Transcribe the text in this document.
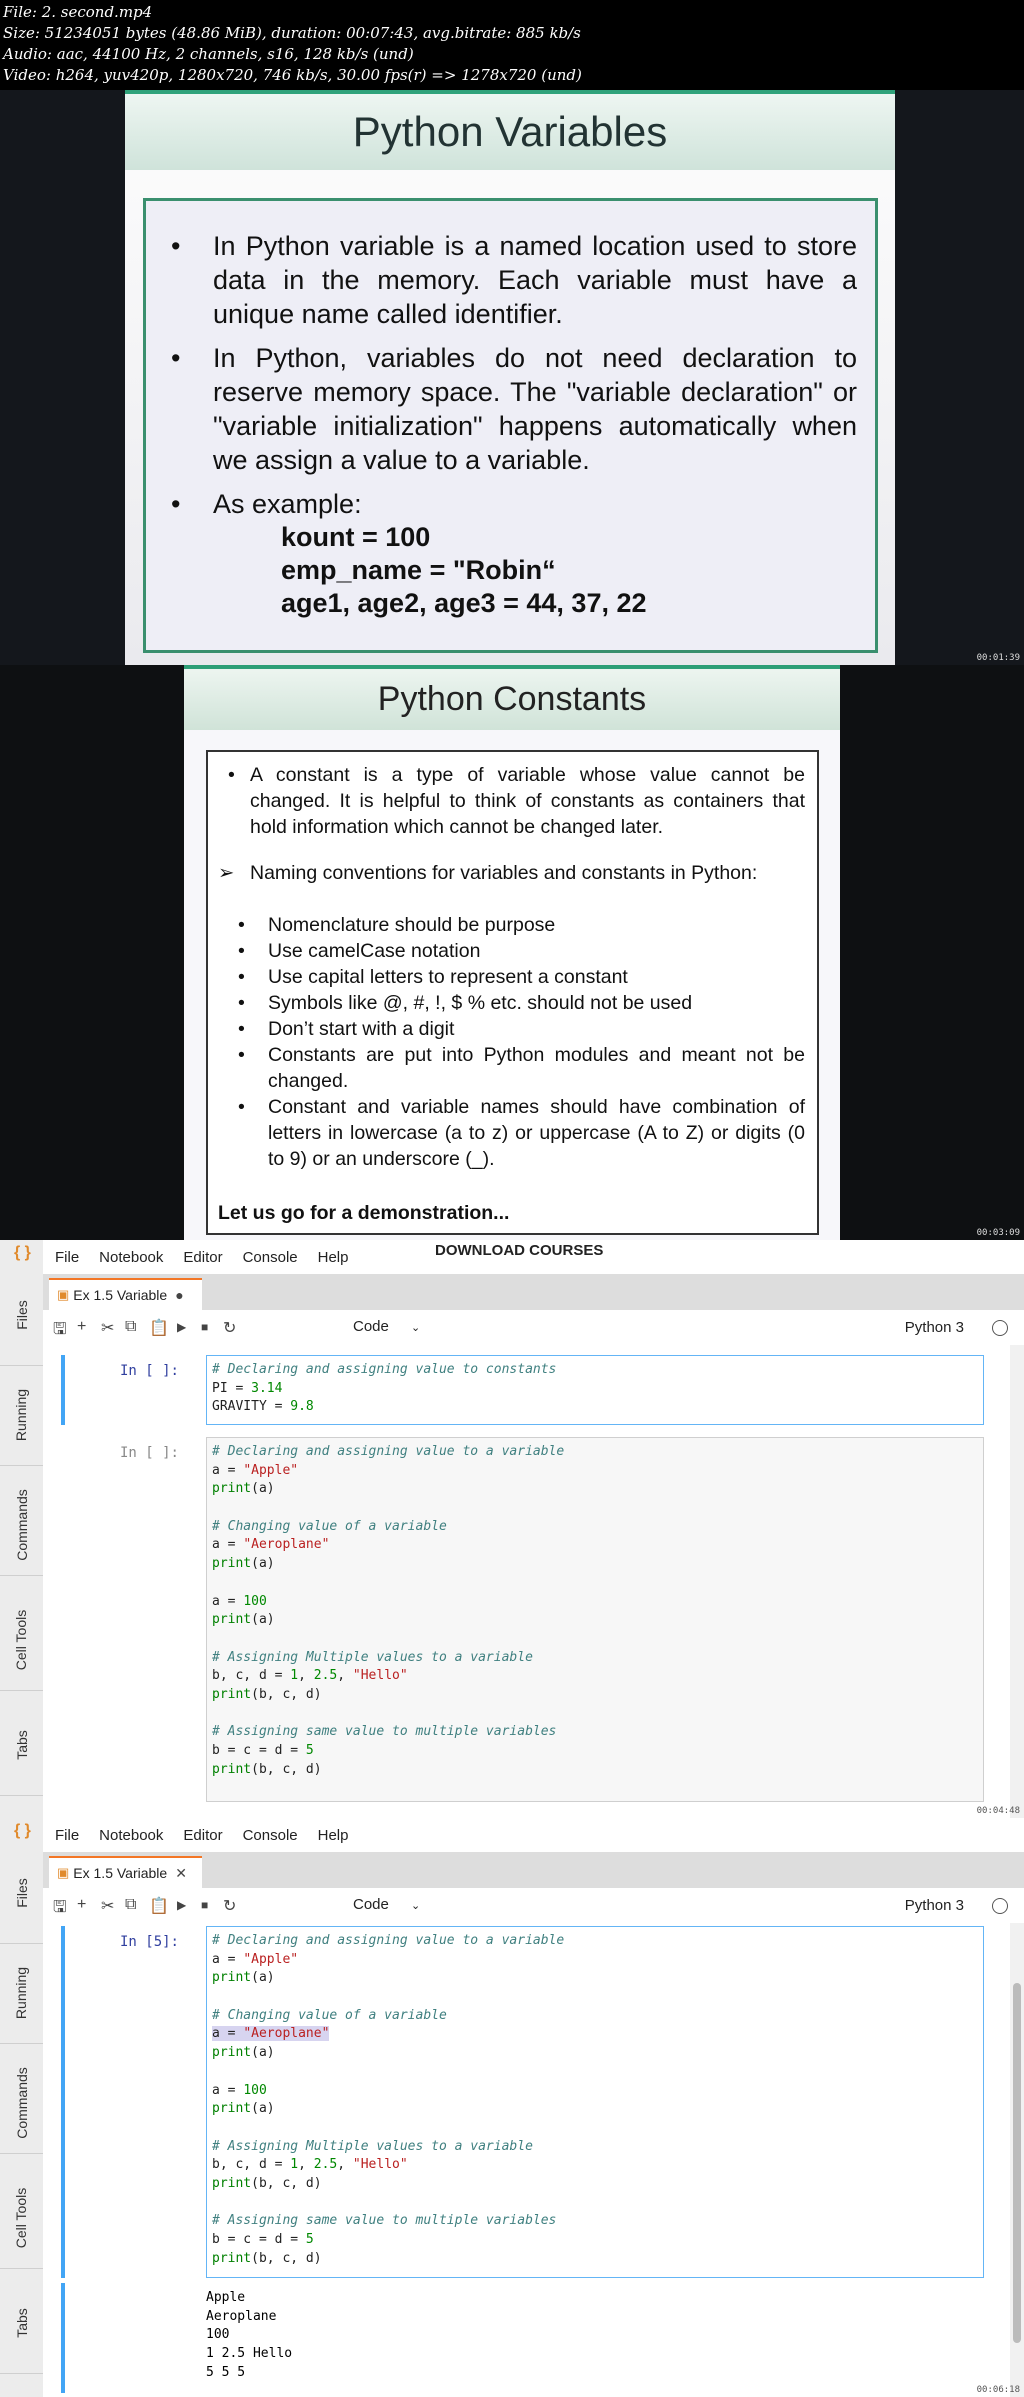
File: 2. second.mp4
Size: 51234051 bytes (48.86 MiB), duration: 00:07:43, avg.bitrate: 885 kb/s
Audio: aac, 44100 Hz, 2 channels, s16, 128 kb/s (und)
Video: h264, yuv420p, 1280x720, 746 kb/s, 30.00 fps(r) => 1278x720 (und)
Python Variables
• In Python variable is a named location used to store data in the memory. Each variable must have a unique name called identifier.
• In Python, variables do not need declaration to reserve memory space. The "variable declaration" or "variable initialization" happens automatically when we assign a value to a variable.
• As example:
kount = 100
emp_name = "Robin“
age1, age2, age3 = 44, 37, 22
00:01:39
Python Constants
• A constant is a type of variable whose value cannot be changed. It is helpful to think of constants as containers that hold information which cannot be changed later.
➢ Naming conventions for variables and constants in Python:
• Nomenclature should be purpose
• Use camelCase notation
• Use capital letters to represent a constant
• Symbols like @, #, !, $ % etc. should not be used
• Don’t start with a digit
• Constants are put into Python modules and meant not be changed.
• Constant and variable names should have combination of letters in lowercase (a to z) or uppercase (A to Z) or digits (0 to 9) or an underscore (_).
Let us go for a demonstration...
00:03:09
{ }
Files
Running
Commands
Cell Tools
Tabs
File Notebook Editor Console Help	DOWNLOAD COURSES
▣ Ex 1.5 Variable ●
🖫 + ✂ ⧉ 📋 ▶ ■ ↻	Code ⌄	Python 3
In [ ]:	# Declaring and assigning value to constants
PI = 3.14
GRAVITY = 9.8
In [ ]:	# Declaring and assigning value to a variable
a = "Apple"
print(a)
# Changing value of a variable
a = "Aeroplane"
print(a)
a = 100
print(a)
# Assigning Multiple values to a variable
b, c, d = 1, 2.5, "Hello"
print(b, c, d)
# Assigning same value to multiple variables
b = c = d = 5
print(b, c, d)
00:04:48
{ }
Files
Running
Commands
Cell Tools
Tabs
File Notebook Editor Console Help
▣ Ex 1.5 Variable ✕
🖫 + ✂ ⧉ 📋 ▶ ■ ↻	Code ⌄	Python 3
In [5]:	# Declaring and assigning value to a variable
a = "Apple"
print(a)
# Changing value of a variable
a = "Aeroplane"
print(a)
a = 100
print(a)
# Assigning Multiple values to a variable
b, c, d = 1, 2.5, "Hello"
print(b, c, d)
# Assigning same value to multiple variables
b = c = d = 5
print(b, c, d)
Apple
Aeroplane
100
1 2.5 Hello
5 5 5
00:06:18
